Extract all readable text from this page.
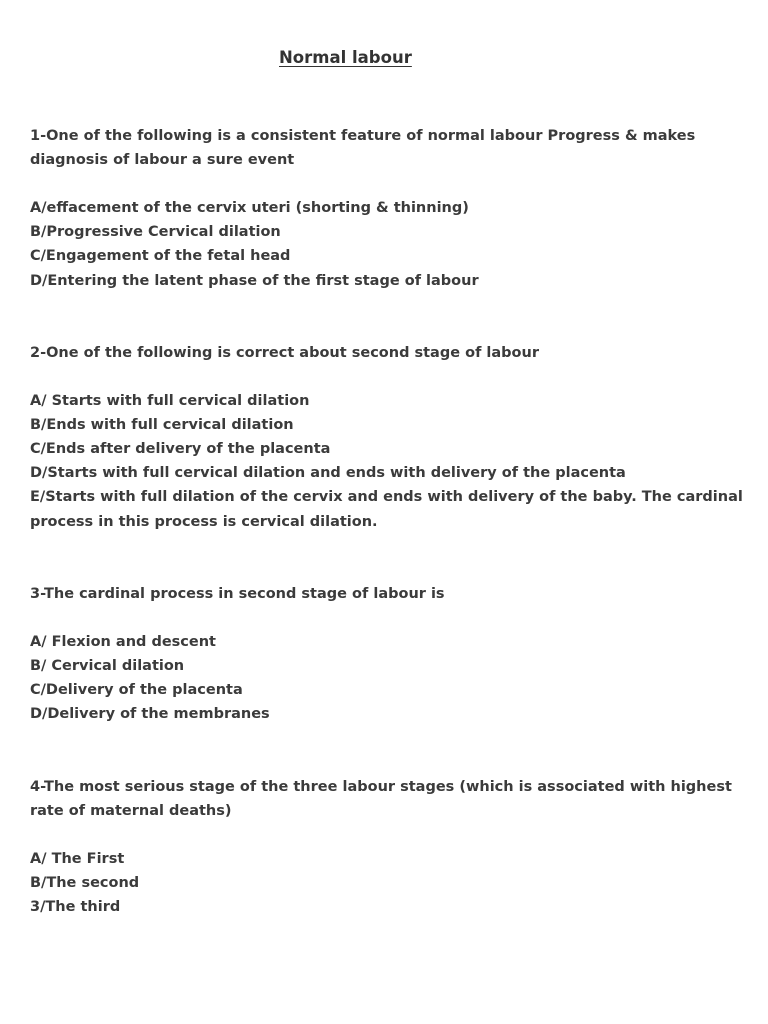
Normal labour

1-One of the following is a consistent feature of normal labour Progress & makes diagnosis of labour a sure event

A/effacement of the cervix uteri (shorting & thinning)
B/Progressive Cervical dilation
C/Engagement of the fetal head
D/Entering the latent phase of the first stage of labour

2-One of the following is correct about second stage of labour

A/ Starts with full cervical dilation
B/Ends with full cervical dilation
C/Ends after delivery of the placenta
D/Starts with full cervical dilation and ends with delivery of the placenta
E/Starts with full dilation of the cervix and ends with delivery of the baby. The cardinal process in this process is cervical dilation.

3-The cardinal process in second stage of labour is

A/ Flexion and descent
B/ Cervical dilation
C/Delivery of the placenta
D/Delivery of the membranes

4-The most serious stage of the three labour stages (which is associated with highest rate of maternal deaths)

A/ The First
B/The second
3/The third
